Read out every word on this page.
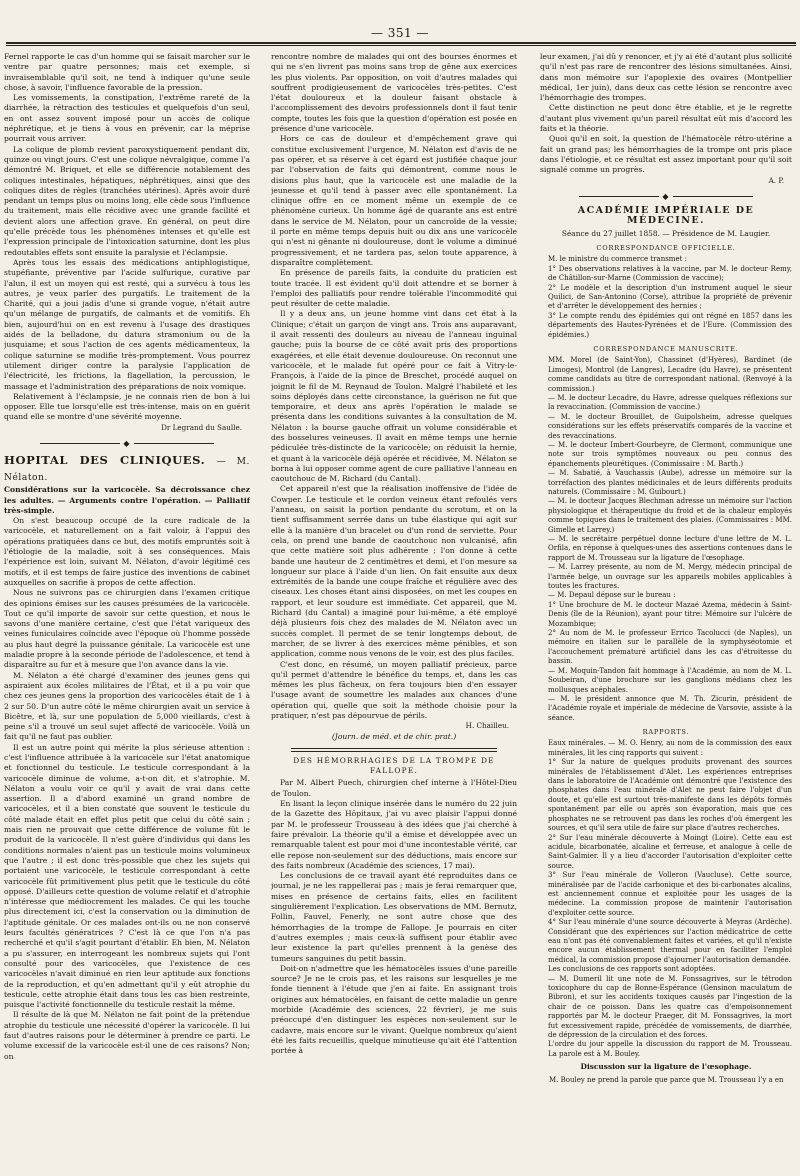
— 351 —

Fernel rapporte le cas d'un homme qui se faisait marcher sur le ventre par quatre personnes; mais cet exemple, si invraisemblable qu'il soit, ne tend à indiquer qu'une seule chose, à savoir, l'influence favorable de la pression.

Les vomissements, la constipation, l'extrême rareté de la diarrhée, la rétraction des testicules et quelquefois d'un seul, en ont assez souvent imposé pour un accès de colique néphrétique, et je tiens à vous en prévenir, car la méprise pourrait vous arriver.

La colique de plomb revient paroxystiquement pendant dix, quinze ou vingt jours. C'est une colique névralgique, comme l'a démontré M. Briquet, et elle se différencie notablement des coliques intestinales, hépatiques, néphrétiques, ainsi que des coliques dites de règles (tranchées utérines). Après avoir duré pendant un temps plus ou moins long, elle cède sous l'influence du traitement, mais elle récidive avec une grande facilité et devient alors une affection grave. En général, on peut dire qu'elle précède tous les phénomènes intenses et qu'elle est l'expression principale de l'intoxication saturnine, dont les plus redoutables effets sont ensuite la paralysie et l'éclampsie.

Après tous les essais des médications antiphlogistique, stupéfiante, préventive par l'acide sulfurique, curative par l'alun, il est un moyen qui est resté, qui a survécu à tous les autres, je veux parler des purgatifs. Le traitement de la Charité, qui a joui jadis d'une si grande vogue, n'était autre qu'un mélange de purgatifs, de calmants et de vomitifs. Eh bien, aujourd'hui on en est revenu à l'usage des drastiques aidés de la belladone, du datura stramonium ou de la jusquiame; et sous l'action de ces agents médicamenteux, la colique saturnine se modifie très-promptement. Vous pourrez utilement diriger contre la paralysie l'application de l'électricité, les frictions, la flagellation, la percussion, le massage et l'administration des préparations de noix vomique.

Relativement à l'éclampsie, je ne connais rien de bon à lui opposer. Elle tue lorsqu'elle est très-intense, mais on en guérit quand elle se montre d'une sévérité moyenne.

Dr Legrand du Saulle.
◆

HOPITAL DES CLINIQUES. — M. Nélaton.

Considérations sur la varicocèle. Sa décroissance chez les adultes. — Arguments contre l'opération. — Palliatif très-simple.

On s'est beaucoup occupé de la cure radicale de la varicocèle, et naturellement on a fait valoir, à l'appui des opérations pratiquées dans ce but, des motifs empruntés soit à l'étiologie de la maladie, soit à ses conséquences. Mais l'expérience est loin, suivant M. Nélaton, d'avoir légitimé ces motifs, et il est temps de faire justice des inventions de cabinet auxquelles on sacrifie à propos de cette affection.

Nous ne suivrons pas ce chirurgien dans l'examen critique des opinions émises sur les causes présumées de la varicocèle. Tout ce qu'il importe de savoir sur cette question, et nous le savons d'une manière certaine, c'est que l'état variqueux des veines funiculaires coïncide avec l'époque où l'homme possède au plus haut degré la puissance génitale. La varicocèle est une maladie propre à la seconde période de l'adolescence, et tend à disparaître au fur et à mesure que l'on avance dans la vie.

M. Nélaton a été chargé d'examiner des jeunes gens qui aspiraient aux écoles militaires de l'État, et il a pu voir que chez ces jeunes gens la proportion des varicocèles était de 1 à 2 sur 50. D'un autre côté le même chirurgien avait un service à Bicêtre, et là, sur une population de 5,000 vieillards, c'est à peine s'il a trouvé un seul sujet affecté de varicocèle. Voilà un fait qu'il ne faut pas oublier.

Il est un autre point qui mérite la plus sérieuse attention : c'est l'influence attribuée à la varicocèle sur l'état anatomique et fonctionnel du testicule. Le testicule correspondant à la varicocèle diminue de volume, a-t-on dit, et s'atrophie. M. Nélaton a voulu voir ce qu'il y avait de vrai dans cette assertion. Il a d'abord examiné un grand nombre de varicocèles, et il a bien constaté que souvent le testicule du côté malade était en effet plus petit que celui du côté sain ; mais rien ne prouvait que cette différence de volume fût le produit de la varicocèle. Il n'est guère d'individus qui dans les conditions normales n'aient pas un testicule moins volumineux que l'autre ; il est donc très-possible que chez les sujets qui portaient une varicocèle, le testicule correspondant à cette varicocèle fût primitivement plus petit que le testicule du côté opposé. D'ailleurs cette question de volume relatif et d'atrophie n'intéresse que médiocrement les malades. Ce qui les touche plus directement ici, c'est la conservation ou la diminution de l'aptitude génitale. Or ces malades ont-ils ou ne non conservé leurs facultés génératrices ? C'est là ce que l'on n'a pas recherché et qu'il s'agit pourtant d'établir. Eh bien, M. Nélaton a pu s'assurer, en interrogeant les nombreux sujets qui l'ont consulté pour des varicocèles, que l'existence de ces varicocèles n'avait diminué en rien leur aptitude aux fonctions de la reproduction, et qu'en admettant qu'il y eût atrophie du testicule, cette atrophie était dans tous les cas bien restreinte, puisque l'activité fonctionnelle du testicule restait la même.

Il résulte de là que M. Nélaton ne fait point de la prétendue atrophie du testicule une nécessité d'opérer la varicocèle. Il lui faut d'autres raisons pour le déterminer à prendre ce parti. Le volume excessif de la varicocèle est-il une de ces raisons? Non; on

rencontre nombre de malades qui ont des bourses énormes et qui ne s'en livrent pas moins sans trop de gêne aux exercices les plus violents. Par opposition, on voit d'autres malades qui souffrent prodigieusement de varicocèles très-petites. C'est l'état douloureux et la douleur faisant obstacle à l'accomplissement des devoirs professionnels dont il faut tenir compte, toutes les fois que la question d'opération est posée en présence d'une varicocèle.

Hors ce cas de douleur et d'empêchement grave qui constitue exclusivement l'urgence, M. Nélaton est d'avis de ne pas opérer, et sa réserve à cet égard est justifiée chaque jour par l'observation de faits qui démontrent, comme nous le disions plus haut, que la varicocèle est une maladie de la jeunesse et qu'il tend à passer avec elle spontanément. La clinique offre en ce moment même un exemple de ce phénomène curieux. Un homme âgé de quarante ans est entré dans le service de M. Nélaton, pour un cancroïde de la vessie; il porte en même temps depuis huit ou dix ans une varicocèle qui n'est ni gênante ni douloureuse, dont le volume a diminué progressivement, et ne tardera pas, selon toute apparence, à disparaître complètement.

En présence de pareils faits, la conduite du praticien est toute tracée. Il est évident qu'il doit attendre et se borner à l'emploi des palliatifs pour rendre tolérable l'incommodité qui peut résulter de cette maladie.

Il y a deux ans, un jeune homme vint dans cet état à la Clinique; c'était un garçon de vingt ans. Trois ans auparavant, il avait ressenti des douleurs au niveau de l'anneau inguinal gauche; puis la bourse de ce côté avait pris des proportions exagérées, et elle était devenue douloureuse. On reconnut une varicocèle, et le malade fut opéré pour ce fait à Vitry-le-François, à l'aide de la pince de Breschet, procédé auquel on joignit le fil de M. Reynaud de Toulon. Malgré l'habileté et les soins déployés dans cette circonstance, la guérison ne fut que temporaire, et deux ans après l'opération le malade se présenta dans les conditions suivantes à la consultation de M. Nélaton : la bourse gauche offrait un volume considérable et des bosselures veineuses. Il avait en même temps une hernie pédiculée très-distincte de la varicocèle; on réduisit la hernie, et quant à la varicocèle déjà opérée et récidivée, M. Nélaton se borna à lui opposer comme agent de cure palliative l'anneau en caoutchouc de M. Richard (du Cantal).

Cet appareil n'est que la réalisation inoffensive de l'idée de Cowper. Le testicule et le cordon veineux étant refoulés vers l'anneau, on saisit la portion pendante du scrotum, et on la tient suffisamment serrée dans un tube élastique qui agit sur elle à la manière d'un bracelet ou d'un rond de serviette. Pour cela, on prend une bande de caoutchouc non vulcanisé, afin que cette matière soit plus adhérente ; l'on donne à cette bande une hauteur de 2 centimètres et demi, et l'on mesure sa longueur sur place à l'aide d'un lien. On fait ensuite aux deux extrémités de la bande une coupe fraîche et régulière avec des ciseaux. Les choses étant ainsi disposées, on met les coupes en rapport, et leur soudure est immédiate. Cet appareil, que M. Richard (du Cantal) a imaginé pour lui-même, a été employé déjà plusieurs fois chez des malades de M. Nélaton avec un succès complet. Il permet de se tenir longtemps debout, de marcher, de se livrer à des exercices même pénibles, et son application, comme nous venons de le voir, est des plus faciles.

C'est donc, en résumé, un moyen palliatif précieux, parce qu'il permet d'attendre le bénéfice du temps, et, dans les cas mêmes les plus fâcheux, on fera toujours bien d'en essayer l'usage avant de soumettre les malades aux chances d'une opération qui, quelle que soit la méthode choisie pour la pratiquer, n'est pas dépourvue de périls.

H. Chailleu.
(Journ. de méd. et de chir. prat.)
DES HÉMORRHAGIES DE LA TROMPE DE FALLOPE.

Par M. Albert Puech, chirurgien chef interne à l'Hôtel-Dieu de Toulon.

En lisant la leçon clinique insérée dans le numéro du 22 juin de la Gazette des Hôpitaux, j'ai vu avec plaisir l'appui donné par M. le professeur Trousseau à des idées que j'ai cherché à faire prévaloir. La théorie qu'il a émise et développée avec un remarquable talent est pour moi d'une incontestable vérité, car elle repose non-seulement sur des déductions, mais encore sur des faits nombreux (Académie des sciences, 17 mai).

Les conclusions de ce travail ayant été reproduites dans ce journal, je ne les rappellerai pas ; mais je ferai remarquer que, mises en présence de certains faits, elles en facilitent singulièrement l'explication. Les observations de MM. Bernutz, Follin, Fauvel, Fenerly, ne sont autre chose que des hémorrhagies de la trompe de Fallope. Je pourrais en citer d'autres exemples ; mais ceux-là suffisent pour établir avec leur existence la part qu'elles prennent à la genèse des tumeurs sanguines du petit bassin.

Doit-on n'admettre que les hématocèles issues d'une pareille source? Je ne le crois pas, et les raisons sur lesquelles je me fonde tiennent à l'étude que j'en ai faite. En assignant trois origines aux hématocèles, en faisant de cette maladie un genre morbide (Académie des sciences, 22 février), je me suis préoccupé d'en distinguer les espèces non-seulement sur le cadavre, mais encore sur le vivant. Quelque nombreux qu'aient été les faits recueillis, quelque minutieuse qu'ait été l'attention portée à

leur examen, j'ai dû y renoncer, et j'y ai été d'autant plus sollicité qu'il n'est pas rare de rencontrer des lésions simultanées. Ainsi, dans mon mémoire sur l'apoplexie des ovaires (Montpellier médical, 1er juin), dans deux cas cette lésion se rencontre avec l'hémorrhagie des trompes.

Cette distinction ne peut donc être établie, et je le regrette d'autant plus vivement qu'un pareil résultat eût mis d'accord les faits et la théorie.

Quoi qu'il en soit, la question de l'hématocèle rétro-utérine a fait un grand pas; les hémorrhagies de la trompe ont pris place dans l'étiologie, et ce résultat est assez important pour qu'il soit signalé comme un progrès.

A. P.
◆
ACADÉMIE IMPÉRIALE DE MÉDECINE.
Séance du 27 juillet 1858. — Présidence de M. Laugier.
CORRESPONDANCE OFFICIELLE.

M. le ministre du commerce transmet :

1° Des observations relatives à la vaccine, par M. le docteur Remy, de Châtillon-sur-Marne (Commission de vaccine);

2° Le modèle et la description d'un instrument auquel le sieur Quilici, de San-Antonino (Corse), attribue la propriété de prévenir et d'arrêter le développement des hernies ;

3° Le compte rendu des épidémies qui ont régné en 1857 dans les départements des Hautes-Pyrénées et de l'Eure. (Commission des épidémies.)

CORRESPONDANCE MANUSCRITE.

MM. Morel (de Saint-Yon), Chassinet (d'Hyères), Bardinet (de Limoges), Montrol (de Langres), Lecadre (du Havre), se présentent comme candidats au titre de correspondant national. (Renvoyé à la commission.)

— M. le docteur Lecadre, du Havre, adresse quelques réflexions sur la revaccination. (Commission de vaccine.)

— M. le docteur Brouillet, de Guipolsheim, adresse quelques considérations sur les effets préservatifs comparés de la vaccine et des revaccinations.

— M. le docteur Imbert-Gourbeyre, de Clermont, communique une note sur trois symptômes nouveaux ou peu connus des épanchements pleurétiques. (Commissaire : M. Barth.)

— M. Sabatié, à Vauchassis (Aube), adresse un mémoire sur la torréfaction des plantes médicinales et de leurs différents produits naturels. (Commissaire : M. Guibourt.)

— M. le docteur Jacques Blechman adresse un mémoire sur l'action physiologique et thérapeutique du froid et de la chaleur employés comme topiques dans le traitement des plaies. (Commissaires : MM. Gimelle et Larrey.)

— M. le secrétaire perpétuel donne lecture d'une lettre de M. L. Orfila, en réponse à quelques-unes des assertions contenues dans le rapport de M. Trousseau sur la ligature de l'œsophage.

— M. Larrey présente, au nom de M. Mergy, médecin principal de l'armée belge, un ouvrage sur les appareils mobiles applicables à toutes les fractures.

— M. Depaul dépose sur le bureau :

1° Une brochure de M. le docteur Mazaé Azema, médecin à Saint-Denis (île de la Réunion), ayant pour titre: Mémoire sur l'ulcère de Mozambique;

2° Au nom de M. le professeur Errico Tacolucci (de Naples), un mémoire en italien sur le parallèle de la symphyséotomie et l'accouchement prématuré artificiel dans les cas d'étroitesse du bassin.

— M. Moquin-Tandon fait hommage à l'Académie, au nom de M. L. Soubeiran, d'une brochure sur les ganglions médians chez les mollusques acéphales.

— M. le président annonce que M. Th. Zicurin, président de l'Académie royale et impériale de médecine de Varsovie, assiste à la séance.

RAPPORTS.

Eaux minérales. — M. O. Henry, au nom de la commission des eaux minérales, lit les cinq rapports qui suivent :

1° Sur la nature de quelques produits provenant des sources minérales de l'établissement d'Alet. Les expériences entreprises dans le laboratoire de l'Académie ont démontré que l'existence des phosphates dans l'eau minérale d'Alet ne peut faire l'objet d'un doute, et qu'elle est surtout très-manifeste dans les dépôts formés spontanément par elle ou après son évaporation, mais que ces phosphates ne se retrouvent pas dans les roches d'où émergent les sources, et qu'il sera utile de faire sur place d'autres recherches.

2° Sur l'eau minérale découverte à Moingt (Loire). Cette eau est acidule, bicarbonatée, alcaline et ferreuse, et analogue à celle de Saint-Galmier. Il y a lieu d'accorder l'autorisation d'exploiter cette source.

3° Sur l'eau minérale de Volleron (Vaucluse). Cette source, minéralisée par de l'acide carbonique et des bi-carbonates alcalins, est anciennement connue et exploitée pour les usages de la médecine. La commission propose de maintenir l'autorisation d'exploiter cette source.

4° Sur l'eau minérale d'une source découverte à Meyras (Ardèche). Considérant que des expériences sur l'action médicatrice de cette eau n'ont pas été convenablement faites et variées, et qu'il n'existe encore aucun établissement thermal pour en faciliter l'emploi médical, la commission propose d'ajourner l'autorisation demandée.

Les conclusions de ces rapports sont adoptées.

— M. Dumeril lit une note de M. Fonssagrives, sur le tétrodon toxicophore du cap de Bonne-Espérance (Gensinon maculatum de Bibron), et sur les accidents toxiques causés par l'ingestion de la chair de ce poisson. Dans les quatre cas d'empoisonnement rapportés par M. le docteur Praeger, dit M. Fonssagrives, la mort fut excessivement rapide, précédée de vomissements, de diarrhée, de dépression de la circulation et des forces.

L'ordre du jour appelle la discussion du rapport de M. Trousseau. La parole est à M. Bouley.

Discussion sur la ligature de l'œsophage.

M. Bouley ne prend la parole que parce que M. Trousseau l'y a en
